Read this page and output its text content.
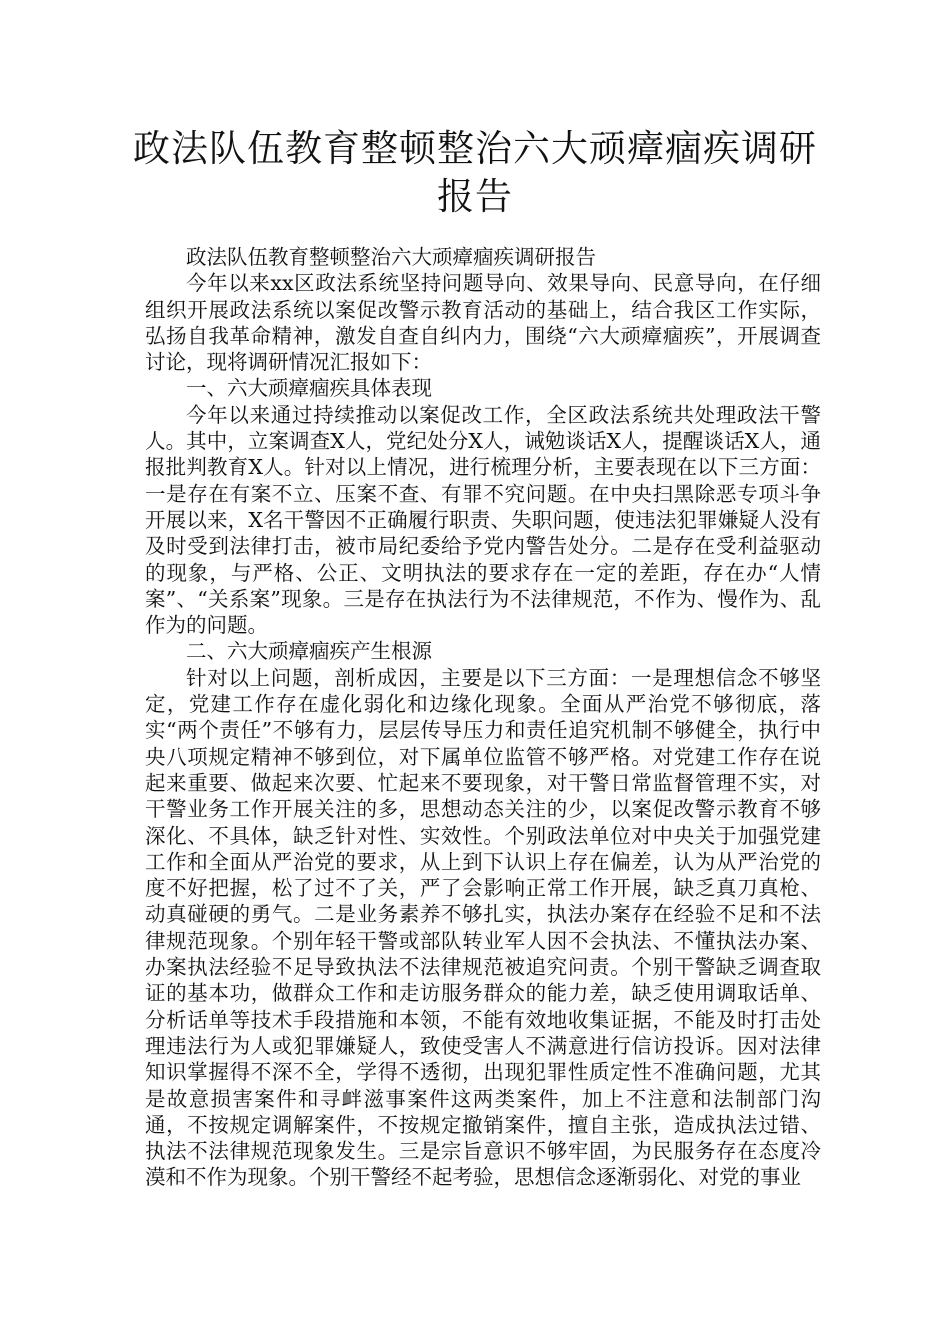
政法队伍教育整顿整治六大顽瘴痼疾调研
报告

政法队伍教育整顿整治六大顽瘴痼疾调研报告

今年以来xx区政法系统坚持问题导向、效果导向、民意导向，在仔细组织开展政法系统以案促改警示教育活动的基础上，结合我区工作实际，弘扬自我革命精神，激发自查自纠内力，围绕“六大顽瘴痼疾”，开展调查讨论，现将调研情况汇报如下：

一、六大顽瘴痼疾具体表现

今年以来通过持续推动以案促改工作，全区政法系统共处理政法干警 人。其中，立案调查X人，党纪处分X人，诫勉谈话X人，提醒谈话X人，通报批判教育X人。针对以上情况，进行梳理分析，主要表现在以下三方面：一是存在有案不立、压案不查、有罪不究问题。在中央扫黑除恶专项斗争开展以来，X名干警因不正确履行职责、失职问题，使违法犯罪嫌疑人没有及时受到法律打击，被市局纪委给予党内警告处分。二是存在受利益驱动的现象，与严格、公正、文明执法的要求存在一定的差距，存在办“人情案”、“关系案”现象。三是存在执法行为不法律规范，不作为、慢作为、乱作为的问题。

二、六大顽瘴痼疾产生根源

针对以上问题，剖析成因，主要是以下三方面：一是理想信念不够坚定，党建工作存在虚化弱化和边缘化现象。全面从严治党不够彻底，落实“两个责任”不够有力，层层传导压力和责任追究机制不够健全，执行中央八项规定精神不够到位，对下属单位监管不够严格。对党建工作存在说起来重要、做起来次要、忙起来不要现象，对干警日常监督管理不实，对干警业务工作开展关注的多，思想动态关注的少，以案促改警示教育不够深化、不具体，缺乏针对性、实效性。个别政法单位对中央关于加强党建工作和全面从严治党的要求，从上到下认识上存在偏差，认为从严治党的度不好把握，松了过不了关，严了会影响正常工作开展，缺乏真刀真枪、动真碰硬的勇气。二是业务素养不够扎实，执法办案存在经验不足和不法律规范现象。个别年轻干警或部队转业军人因不会执法、不懂执法办案、办案执法经验不足导致执法不法律规范被追究问责。个别干警缺乏调查取证的基本功，做群众工作和走访服务群众的能力差，缺乏使用调取话单、分析话单等技术手段措施和本领，不能有效地收集证据，不能及时打击处理违法行为人或犯罪嫌疑人，致使受害人不满意进行信访投诉。因对法律知识掌握得不深不全，学得不透彻，出现犯罪性质定性不准确问题，尤其是故意损害案件和寻衅滋事案件这两类案件，加上不注意和法制部门沟通，不按规定调解案件，不按规定撤销案件，擅自主张，造成执法过错、执法不法律规范现象发生。三是宗旨意识不够牢固，为民服务存在态度冷漠和不作为现象。个别干警经不起考验，思想信念逐渐弱化、对党的事业
